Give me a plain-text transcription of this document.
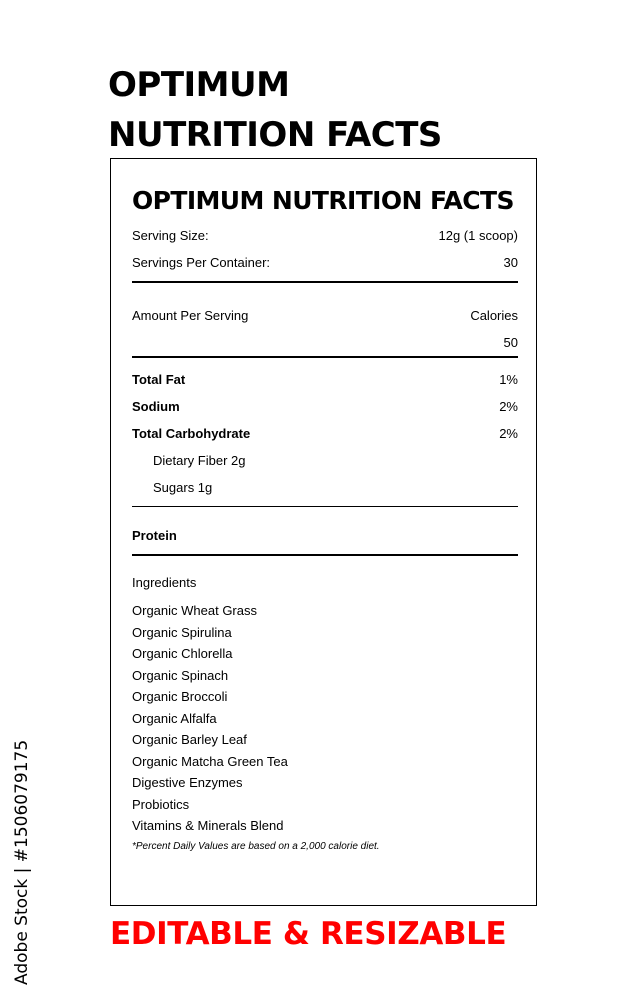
OPTIMUM
NUTRITION FACTS
OPTIMUM NUTRITION FACTS
Serving Size:	12g (1 scoop)
Servings Per Container:	30
Amount Per Serving	Calories
50
Total Fat	1%
Sodium	2%
Total Carbohydrate	2%
Dietary Fiber 2g
Sugars 1g
Protein
Ingredients
Organic Wheat Grass
Organic Spirulina
Organic Chlorella
Organic Spinach
Organic Broccoli
Organic Alfalfa
Organic Barley Leaf
Organic Matcha Green Tea
Digestive Enzymes
Probiotics
Vitamins & Minerals Blend
*Percent Daily Values are based on a 2,000 calorie diet.
EDITABLE & RESIZABLE
Adobe Stock | #1506079175
